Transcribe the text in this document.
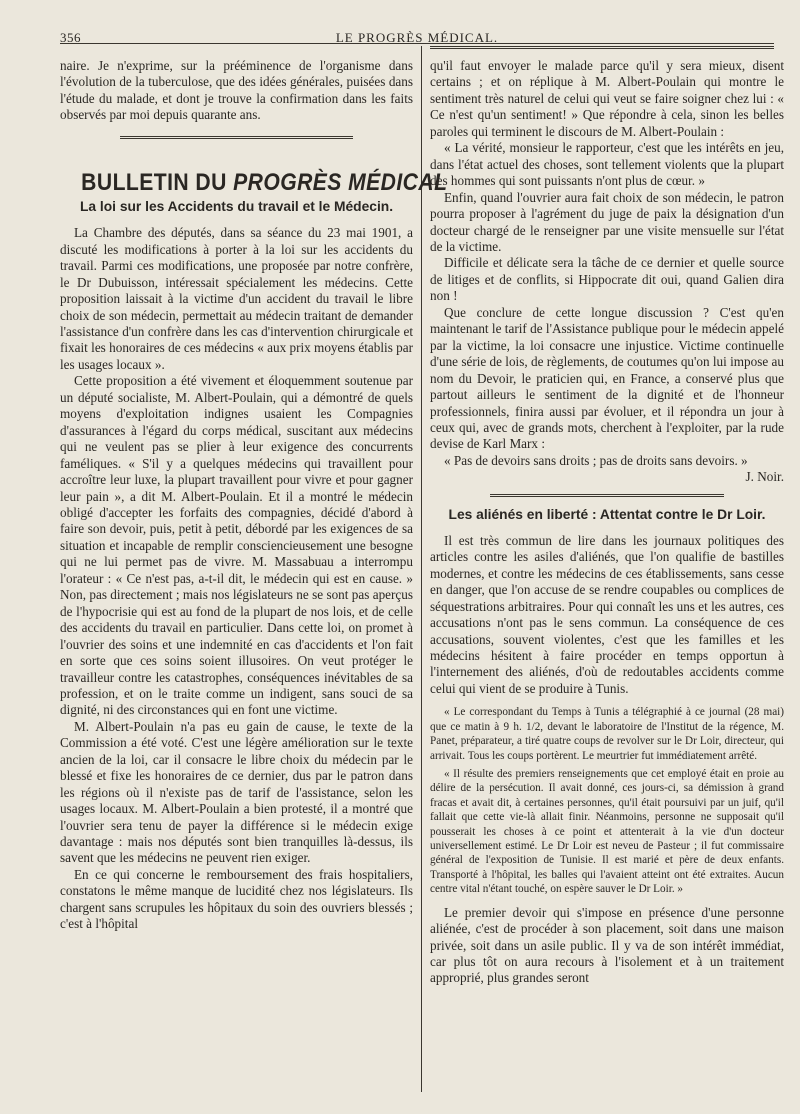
356	LE PROGRÈS MÉDICAL.

naire. Je n'exprime, sur la prééminence de l'organisme dans l'évolution de la tuberculose, que des idées générales, puisées dans l'étude du malade, et dont je trouve la confirmation dans les faits observés par moi depuis quarante ans.

BULLETIN DU PROGRÈS MÉDICAL
La loi sur les Accidents du travail et le Médecin.

La Chambre des députés, dans sa séance du 23 mai 1901, a discuté les modifications à porter à la loi sur les accidents du travail. Parmi ces modifications, une proposée par notre confrère, le Dr Dubuisson, intéressait spécialement les médecins. Cette proposition laissait à la victime d'un accident du travail le libre choix de son médecin, permettait au médecin traitant de demander l'assistance d'un confrère dans les cas d'intervention chirurgicale et fixait les honoraires de ces médecins « aux prix moyens établis par les usages locaux ».

Cette proposition a été vivement et éloquemment soutenue par un député socialiste, M. Albert-Poulain, qui a démontré de quels moyens d'exploitation indignes usaient les Compagnies d'assurances à l'égard du corps médical, suscitant aux médecins qui ne veulent pas se plier à leur exigence des concurrents faméliques. « S'il y a quelques médecins qui travaillent pour accroître leur luxe, la plupart travaillent pour vivre et pour gagner leur pain », a dit M. Albert-Poulain. Et il a montré le médecin obligé d'accepter les forfaits des compagnies, décidé d'abord à faire son devoir, puis, petit à petit, débordé par les exigences de sa situation et incapable de remplir consciencieusement une besogne qui ne lui permet pas de vivre. M. Massabuau a interrompu l'orateur : « Ce n'est pas, a-t-il dit, le médecin qui est en cause. » Non, pas directement ; mais nos législateurs ne se sont pas aperçus de l'hypocrisie qui est au fond de la plupart de nos lois, et de celle des accidents du travail en particulier. Dans cette loi, on promet à l'ouvrier des soins et une indemnité en cas d'accidents et l'on fait en sorte que ces soins soient illusoires. On veut protéger le travailleur contre les catastrophes, conséquences inévitables de sa profession, et on le traite comme un indigent, sans souci de sa dignité, ni des circonstances qui en font une victime.

M. Albert-Poulain n'a pas eu gain de cause, le texte de la Commission a été voté. C'est une légère amélioration sur le texte ancien de la loi, car il consacre le libre choix du médecin par le blessé et fixe les honoraires de ce dernier, dus par le patron dans les régions où il n'existe pas de tarif de l'assistance, selon les usages locaux. M. Albert-Poulain a bien protesté, il a montré que l'ouvrier sera tenu de payer la différence si le médecin exige davantage : mais nos députés sont bien tranquilles là-dessus, ils savent que les médecins ne peuvent rien exiger.

En ce qui concerne le remboursement des frais hospitaliers, constatons le même manque de lucidité chez nos législateurs. Ils chargent sans scrupules les hôpitaux du soin des ouvriers blessés ; c'est à l'hôpital

qu'il faut envoyer le malade parce qu'il y sera mieux, disent certains ; et on réplique à M. Albert-Poulain qui montre le sentiment très naturel de celui qui veut se faire soigner chez lui : « Ce n'est qu'un sentiment! » Que répondre à cela, sinon les belles paroles qui terminent le discours de M. Albert-Poulain :

« La vérité, monsieur le rapporteur, c'est que les intérêts en jeu, dans l'état actuel des choses, sont tellement violents que la plupart des hommes qui sont puissants n'ont plus de cœur. »

Enfin, quand l'ouvrier aura fait choix de son médecin, le patron pourra proposer à l'agrément du juge de paix la désignation d'un docteur chargé de le renseigner par une visite mensuelle sur l'état de la victime.

Difficile et délicate sera la tâche de ce dernier et quelle source de litiges et de conflits, si Hippocrate dit oui, quand Galien dira non !

Que conclure de cette longue discussion ? C'est qu'en maintenant le tarif de l'Assistance publique pour le médecin appelé par la victime, la loi consacre une injustice. Victime continuelle d'une série de lois, de règlements, de coutumes qu'on lui impose au nom du Devoir, le praticien qui, en France, a conservé plus que partout ailleurs le sentiment de la dignité et de l'honneur professionnels, finira aussi par évoluer, et il répondra un jour à ceux qui, avec de grands mots, cherchent à l'exploiter, par la rude devise de Karl Marx :

« Pas de devoirs sans droits ; pas de droits sans devoirs. »

J. Noir.
Les aliénés en liberté : Attentat contre le Dr Loir.

Il est très commun de lire dans les journaux politiques des articles contre les asiles d'aliénés, que l'on qualifie de bastilles modernes, et contre les médecins de ces établissements, sans cesse en danger, que l'on accuse de se rendre coupables ou complices de séquestrations arbitraires. Pour qui connaît les uns et les autres, ces accusations n'ont pas le sens commun. La conséquence de ces accusations, souvent violentes, c'est que les familles et les médecins hésitent à faire procéder en temps opportun à l'internement des aliénés, d'où de redoutables accidents comme celui qui vient de se produire à Tunis.

« Le correspondant du Temps à Tunis a télégraphié à ce journal (28 mai) que ce matin à 9 h. 1/2, devant le laboratoire de l'Institut de la régence, M. Panet, préparateur, a tiré quatre coups de revolver sur le Dr Loir, directeur, qui arrivait. Tous les coups portèrent. Le meurtrier fut immédiatement arrêté.

« Il résulte des premiers renseignements que cet employé était en proie au délire de la persécution. Il avait donné, ces jours-ci, sa démission à grand fracas et avait dit, à certaines personnes, qu'il était poursuivi par un juif, qu'il fallait que cette vie-là allait finir. Néanmoins, personne ne supposait qu'il pousserait les choses à ce point et attenterait à la vie d'un docteur universellement estimé. Le Dr Loir est neveu de Pasteur ; il fut commissaire général de l'exposition de Tunisie. Il est marié et père de deux enfants. Transporté à l'hôpital, les balles qui l'avaient atteint ont été extraites. Aucun centre vital n'étant touché, on espère sauver le Dr Loir. »

Le premier devoir qui s'impose en présence d'une personne aliénée, c'est de procéder à son placement, soit dans une maison privée, soit dans un asile public. Il y va de son intérêt immédiat, car plus tôt on aura recours à l'isolement et à un traitement approprié, plus grandes seront
